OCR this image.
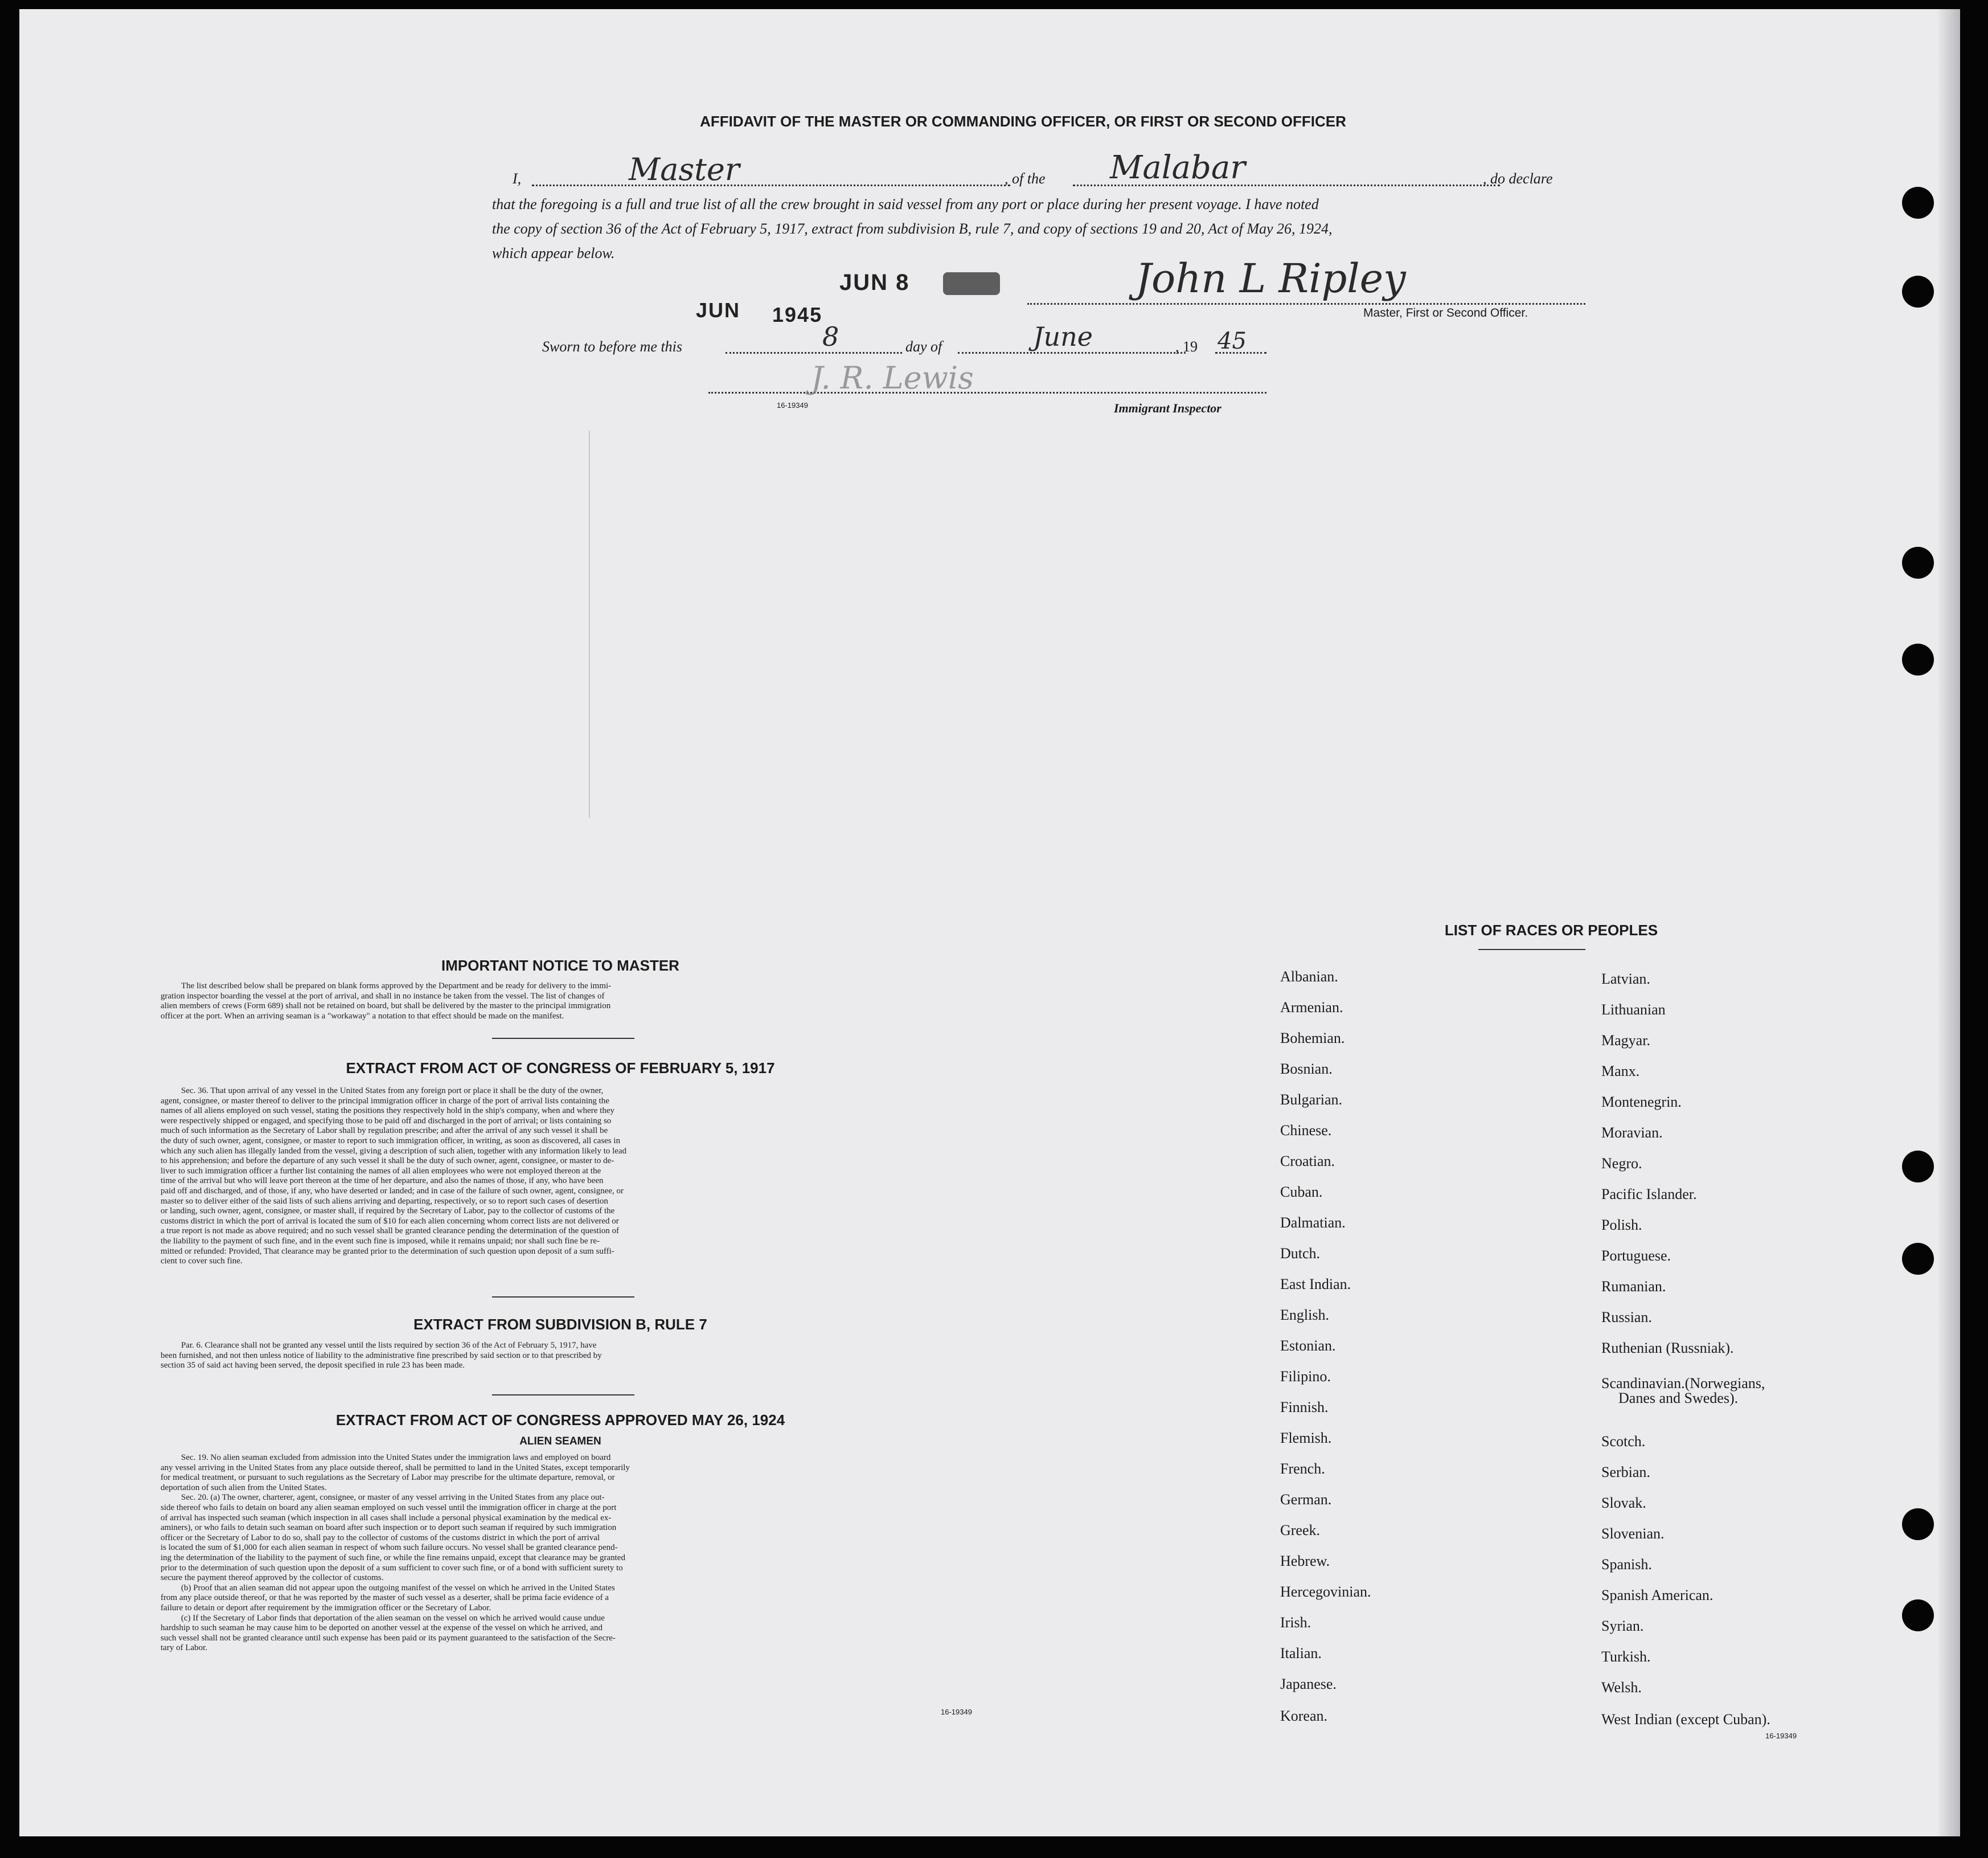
AFFIDAVIT OF THE MASTER OR COMMANDING OFFICER, OR FIRST OR SECOND OFFICER
I,	Master	, of the Malabar	, do declare
that the foregoing is a full and true list of all the crew brought in said vessel from any port or place during her present voyage. I have noted
the copy of section 36 of the Act of February 5, 1917, extract from subdivision B, rule 7, and copy of sections 19 and 20, Act of May 26, 1924,
which appear below.
JUN 1945
JUN 8	John L Ripley
Master, First or Second Officer.
Sworn to before me this	8	day of	June	, 19 45
J. R. Lewis
16-19349	Immigrant Inspector
IMPORTANT NOTICE TO MASTER
The list described below shall be prepared on blank forms approved by the Department and be ready for delivery to the immi-
gration inspector boarding the vessel at the port of arrival, and shall in no instance be taken from the vessel. The list of changes of
alien members of crews (Form 689) shall not be retained on board, but shall be delivered by the master to the principal immigration
officer at the port. When an arriving seaman is a "workaway" a notation to that effect should be made on the manifest.
EXTRACT FROM ACT OF CONGRESS OF FEBRUARY 5, 1917
Sec. 36. That upon arrival of any vessel in the United States from any foreign port or place it shall be the duty of the owner,
agent, consignee, or master thereof to deliver to the principal immigration officer in charge of the port of arrival lists containing the
names of all aliens employed on such vessel, stating the positions they respectively hold in the ship's company, when and where they
were respectively shipped or engaged, and specifying those to be paid off and discharged in the port of arrival; or lists containing so
much of such information as the Secretary of Labor shall by regulation prescribe; and after the arrival of any such vessel it shall be
the duty of such owner, agent, consignee, or master to report to such immigration officer, in writing, as soon as discovered, all cases in
which any such alien has illegally landed from the vessel, giving a description of such alien, together with any information likely to lead
to his apprehension; and before the departure of any such vessel it shall be the duty of such owner, agent, consignee, or master to de-
liver to such immigration officer a further list containing the names of all alien employees who were not employed thereon at the
time of the arrival but who will leave port thereon at the time of her departure, and also the names of those, if any, who have been
paid off and discharged, and of those, if any, who have deserted or landed; and in case of the failure of such owner, agent, consignee, or
master so to deliver either of the said lists of such aliens arriving and departing, respectively, or so to report such cases of desertion
or landing, such owner, agent, consignee, or master shall, if required by the Secretary of Labor, pay to the collector of customs of the
customs district in which the port of arrival is located the sum of $10 for each alien concerning whom correct lists are not delivered or
a true report is not made as above required; and no such vessel shall be granted clearance pending the determination of the question of
the liability to the payment of such fine, and in the event such fine is imposed, while it remains unpaid; nor shall such fine be re-
mitted or refunded: Provided, That clearance may be granted prior to the determination of such question upon deposit of a sum suffi-
cient to cover such fine.
EXTRACT FROM SUBDIVISION B, RULE 7
Par. 6. Clearance shall not be granted any vessel until the lists required by section 36 of the Act of February 5, 1917, have
been furnished, and not then unless notice of liability to the administrative fine prescribed by said section or to that prescribed by
section 35 of said act having been served, the deposit specified in rule 23 has been made.
EXTRACT FROM ACT OF CONGRESS APPROVED MAY 26, 1924
ALIEN SEAMEN
Sec. 19. No alien seaman excluded from admission into the United States under the immigration laws and employed on board
any vessel arriving in the United States from any place outside thereof, shall be permitted to land in the United States, except temporarily
for medical treatment, or pursuant to such regulations as the Secretary of Labor may prescribe for the ultimate departure, removal, or
deportation of such alien from the United States.
Sec. 20. (a) The owner, charterer, agent, consignee, or master of any vessel arriving in the United States from any place out-
side thereof who fails to detain on board any alien seaman employed on such vessel until the immigration officer in charge at the port
of arrival has inspected such seaman (which inspection in all cases shall include a personal physical examination by the medical ex-
aminers), or who fails to detain such seaman on board after such inspection or to deport such seaman if required by such immigration
officer or the Secretary of Labor to do so, shall pay to the collector of customs of the customs district in which the port of arrival
is located the sum of $1,000 for each alien seaman in respect of whom such failure occurs. No vessel shall be granted clearance pend-
ing the determination of the liability to the payment of such fine, or while the fine remains unpaid, except that clearance may be granted
prior to the determination of such question upon the deposit of a sum sufficient to cover such fine, or of a bond with sufficient surety to
secure the payment thereof approved by the collector of customs.
(b) Proof that an alien seaman did not appear upon the outgoing manifest of the vessel on which he arrived in the United States
from any place outside thereof, or that he was reported by the master of such vessel as a deserter, shall be prima facie evidence of a
failure to detain or deport after requirement by the immigration officer or the Secretary of Labor.
(c) If the Secretary of Labor finds that deportation of the alien seaman on the vessel on which he arrived would cause undue
hardship to such seaman he may cause him to be deported on another vessel at the expense of the vessel on which he arrived, and
such vessel shall not be granted clearance until such expense has been paid or its payment guaranteed to the satisfaction of the Secre-
tary of Labor.
16-19349
LIST OF RACES OR PEOPLES
Albanian.
Armenian.
Bohemian.
Bosnian.
Bulgarian.
Chinese.
Croatian.
Cuban.
Dalmatian.
Dutch.
East Indian.
English.
Estonian.
Filipino.
Finnish.
Flemish.
French.
German.
Greek.
Hebrew.
Hercegovinian.
Irish.
Italian.
Japanese.
Korean.
Latvian.
Lithuanian
Magyar.
Manx.
Montenegrin.
Moravian.
Negro.
Pacific Islander.
Polish.
Portuguese.
Rumanian.
Russian.
Ruthenian (Russniak).
Scandinavian.(Norwegians,
Danes and Swedes).
Scotch.
Serbian.
Slovak.
Slovenian.
Spanish.
Spanish American.
Syrian.
Turkish.
Welsh.
West Indian (except Cuban).
16-19349
